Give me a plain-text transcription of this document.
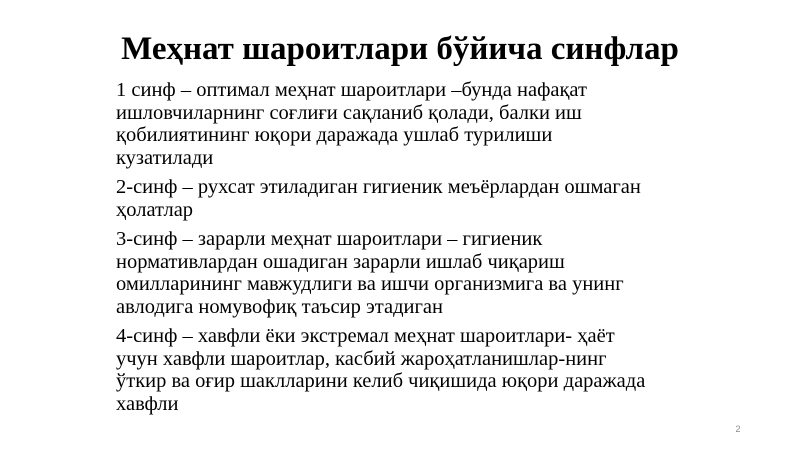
Меҳнат шароитлари бўйича синфлар

1 синф – оптимал меҳнат шароитлари –бунда нафақат
ишловчиларнинг соғлиғи сақланиб қолади, балки иш
қобилиятининг юқори даражада ушлаб турилиши
кузатилади

2-синф – рухсат этиладиган гигиеник меъёрлардан ошмаган
ҳолатлар

3-синф – зарарли меҳнат шароитлари – гигиеник
нормативлардан ошадиган зарарли ишлаб чиқариш
омилларининг мавжудлиги ва ишчи организмига ва унинг
авлодига номувофиқ таъсир этадиган

4-синф – хавфли ёки экстремал меҳнат шароитлари- ҳаёт
учун хавфли шароитлар, касбий жароҳатланишлар-нинг
ўткир ва оғир шаклларини келиб чиқишида юқори даражада
хавфли

2
